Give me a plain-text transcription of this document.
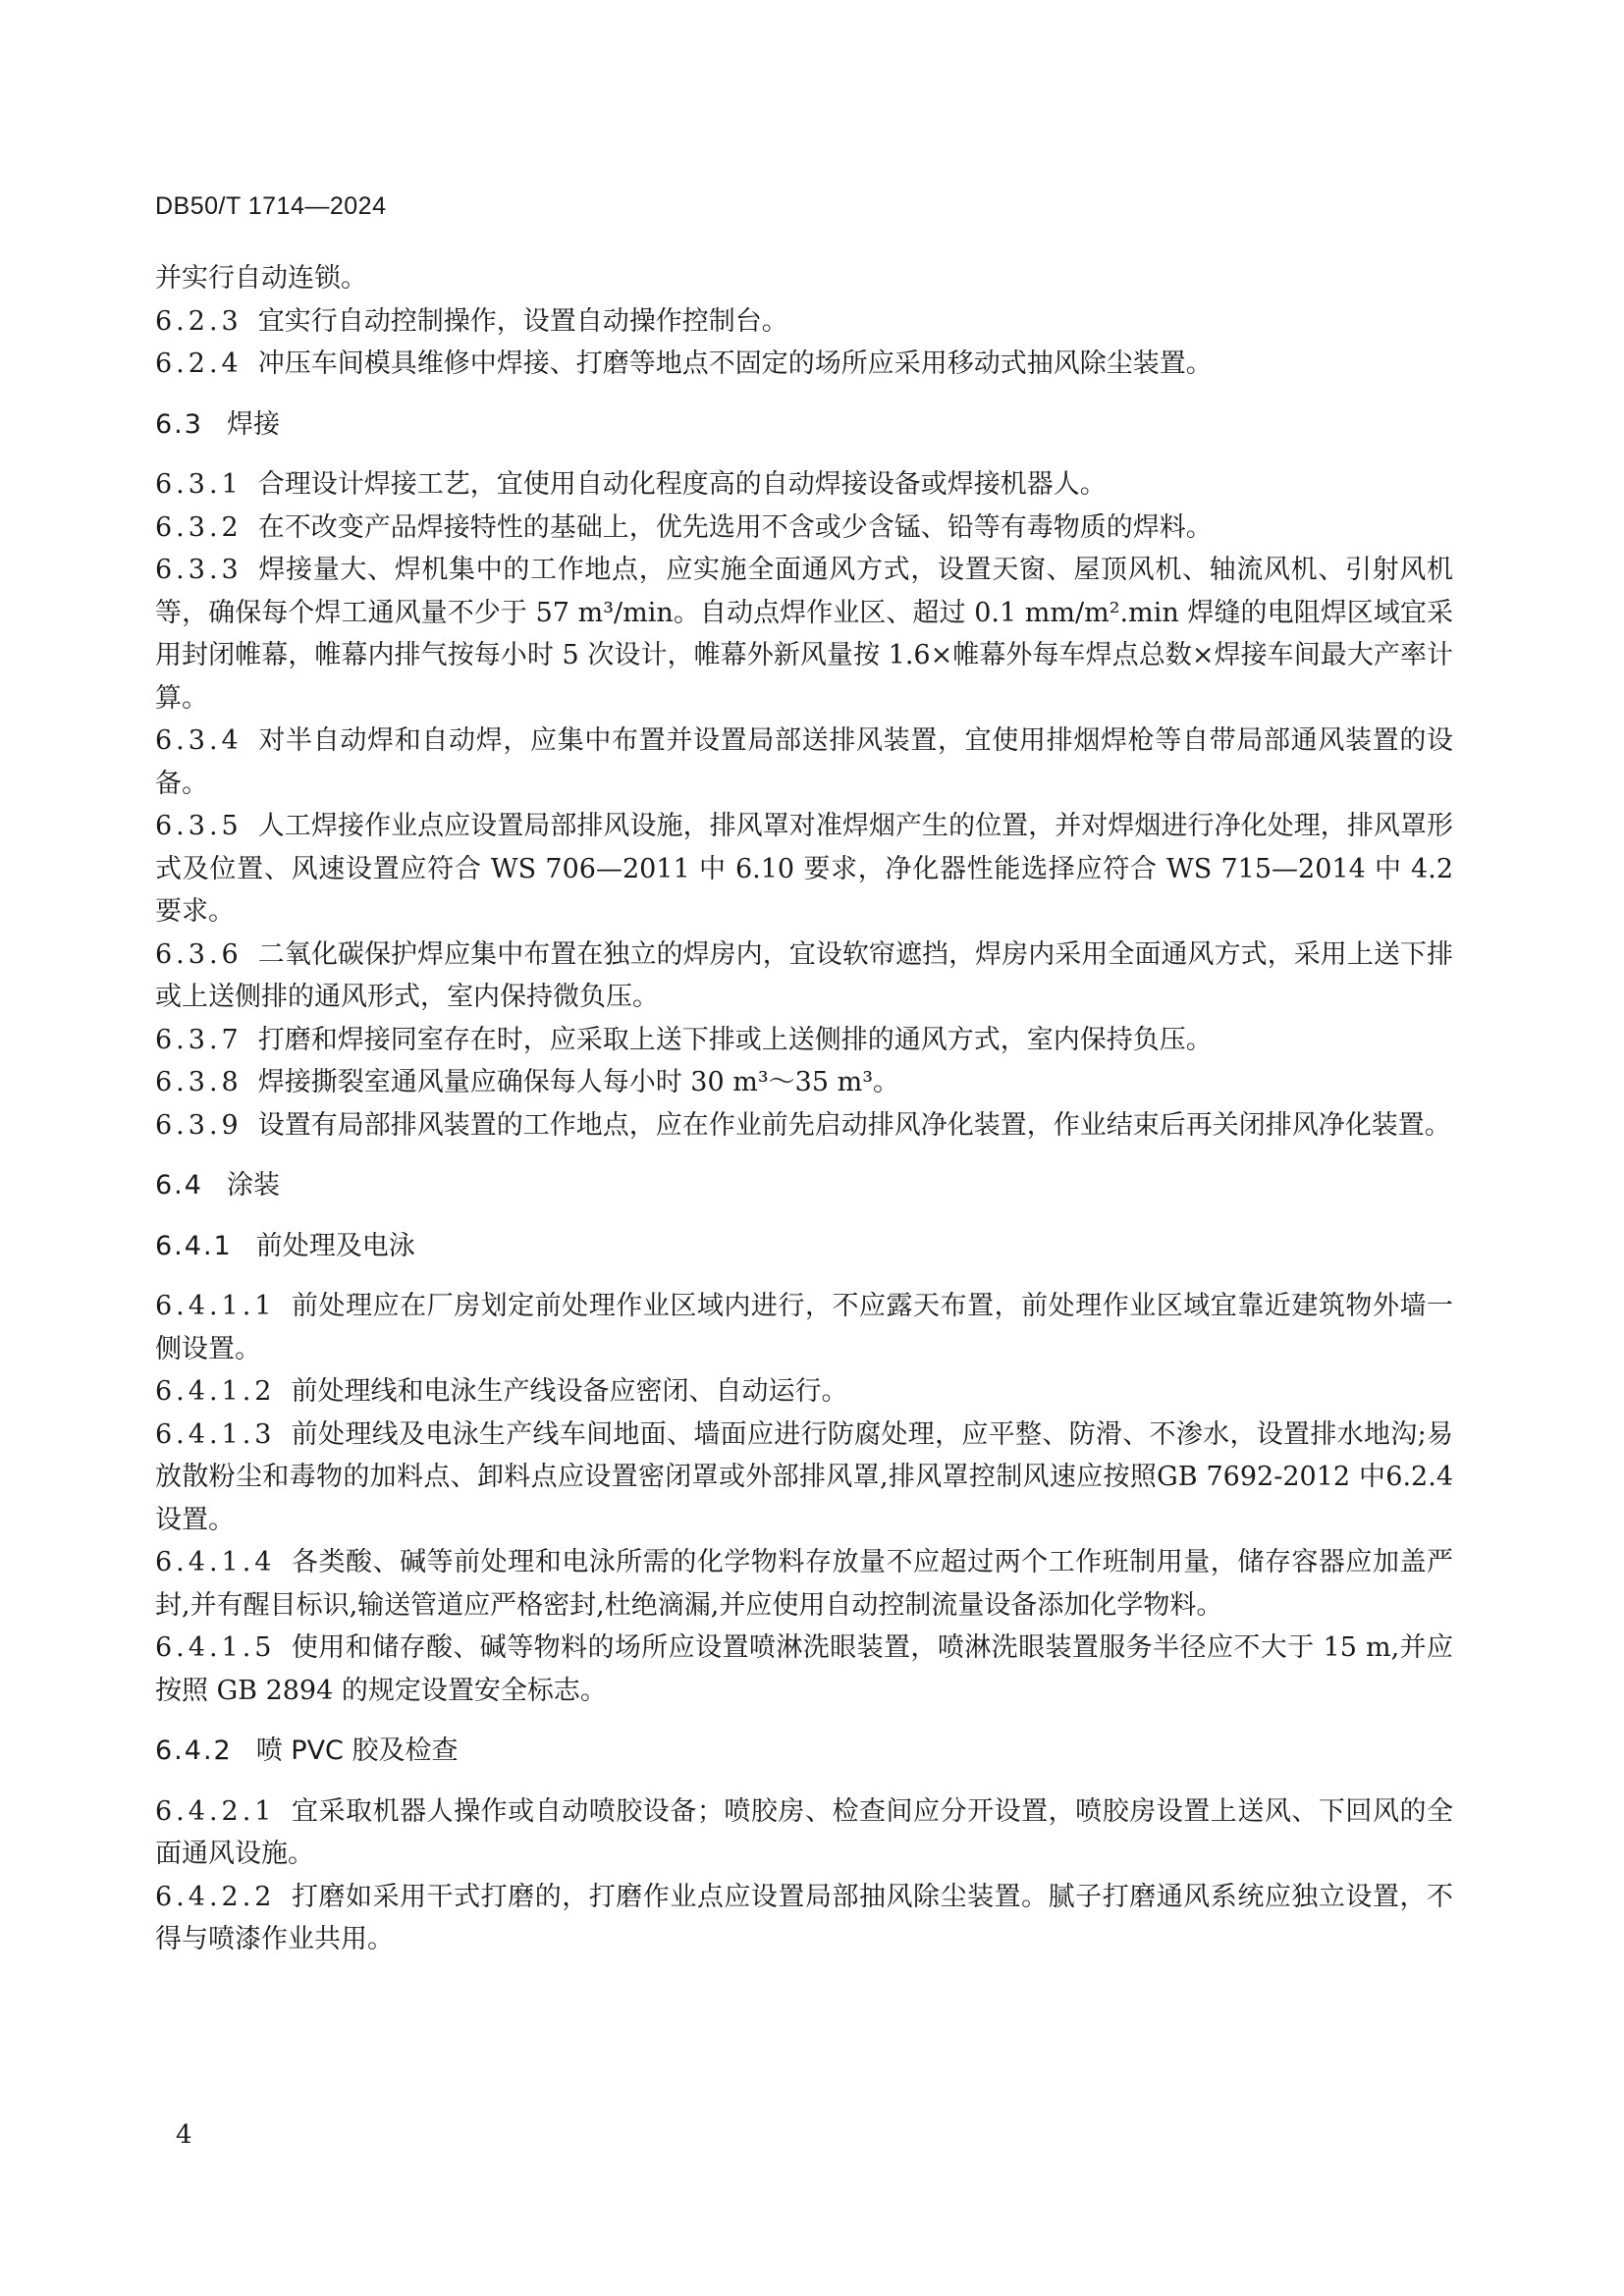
DB50/T 1714—2024
并实行自动连锁。
6.2.3 宜实行自动控制操作，设置自动操作控制台。
6.2.4 冲压车间模具维修中焊接、打磨等地点不固定的场所应采用移动式抽风除尘装置。
6.3 焊接
6.3.1 合理设计焊接工艺，宜使用自动化程度高的自动焊接设备或焊接机器人。
6.3.2 在不改变产品焊接特性的基础上，优先选用不含或少含锰、铅等有毒物质的焊料。
6.3.3 焊接量大、焊机集中的工作地点，应实施全面通风方式，设置天窗、屋顶风机、轴流风机、引射风机等，确保每个焊工通风量不少于 57 m³/min。自动点焊作业区、超过 0.1 mm/m².min 焊缝的电阻焊区域宜采用封闭帷幕，帷幕内排气按每小时 5 次设计，帷幕外新风量按 1.6×帷幕外每车焊点总数×焊接车间最大产率计算。
6.3.4 对半自动焊和自动焊，应集中布置并设置局部送排风装置，宜使用排烟焊枪等自带局部通风装置的设备。
6.3.5 人工焊接作业点应设置局部排风设施，排风罩对准焊烟产生的位置，并对焊烟进行净化处理，排风罩形式及位置、风速设置应符合 WS 706—2011 中 6.10 要求，净化器性能选择应符合 WS 715—2014 中 4.2 要求。
6.3.6 二氧化碳保护焊应集中布置在独立的焊房内，宜设软帘遮挡，焊房内采用全面通风方式，采用上送下排或上送侧排的通风形式，室内保持微负压。
6.3.7 打磨和焊接同室存在时，应采取上送下排或上送侧排的通风方式，室内保持负压。
6.3.8 焊接撕裂室通风量应确保每人每小时 30 m³～35 m³。
6.3.9 设置有局部排风装置的工作地点，应在作业前先启动排风净化装置，作业结束后再关闭排风净化装置。
6.4 涂装
6.4.1 前处理及电泳
6.4.1.1 前处理应在厂房划定前处理作业区域内进行，不应露天布置，前处理作业区域宜靠近建筑物外墙一侧设置。
6.4.1.2 前处理线和电泳生产线设备应密闭、自动运行。
6.4.1.3 前处理线及电泳生产线车间地面、墙面应进行防腐处理，应平整、防滑、不渗水，设置排水地沟;易放散粉尘和毒物的加料点、卸料点应设置密闭罩或外部排风罩,排风罩控制风速应按照GB 7692-2012 中6.2.4 设置。
6.4.1.4 各类酸、碱等前处理和电泳所需的化学物料存放量不应超过两个工作班制用量，储存容器应加盖严封,并有醒目标识,输送管道应严格密封,杜绝滴漏,并应使用自动控制流量设备添加化学物料。
6.4.1.5 使用和储存酸、碱等物料的场所应设置喷淋洗眼装置，喷淋洗眼装置服务半径应不大于 15 m,并应按照 GB 2894 的规定设置安全标志。
6.4.2 喷 PVC 胶及检查
6.4.2.1 宜采取机器人操作或自动喷胶设备；喷胶房、检查间应分开设置，喷胶房设置上送风、下回风的全面通风设施。
6.4.2.2 打磨如采用干式打磨的，打磨作业点应设置局部抽风除尘装置。腻子打磨通风系统应独立设置，不得与喷漆作业共用。
4
